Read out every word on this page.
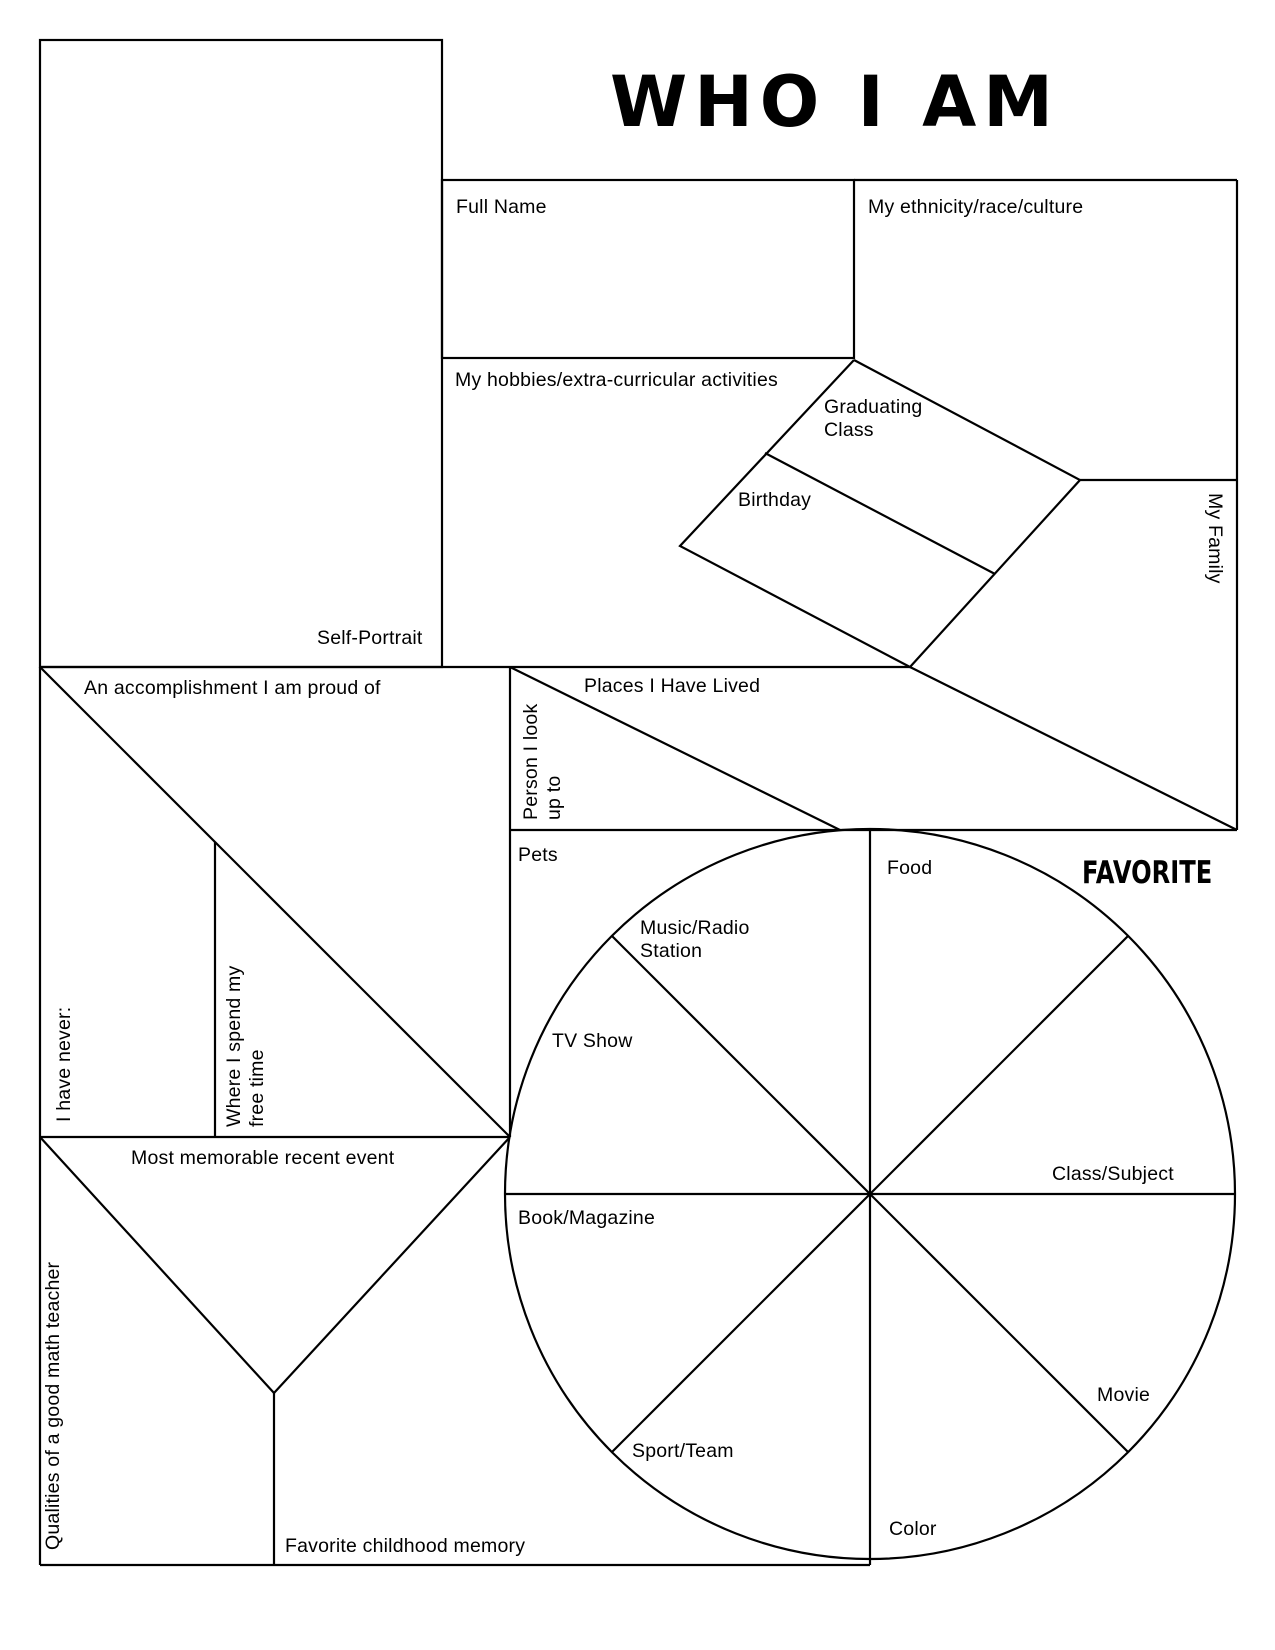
WHO I AM
Full Name	My ethnicity/race/culture
My hobbies/extra-curricular activities
Graduating Class
Birthday	My Family
Self-Portrait
An accomplishment I am proud of
Person I look up to
Places I Have Lived
Pets
I have never:	Where I spend my free time
Most memorable recent event
Qualities of a good math teacher	Favorite childhood memory
FAVORITE
Food
Music/Radio Station
TV Show
Class/Subject
Book/Magazine
Movie
Sport/Team
Color
